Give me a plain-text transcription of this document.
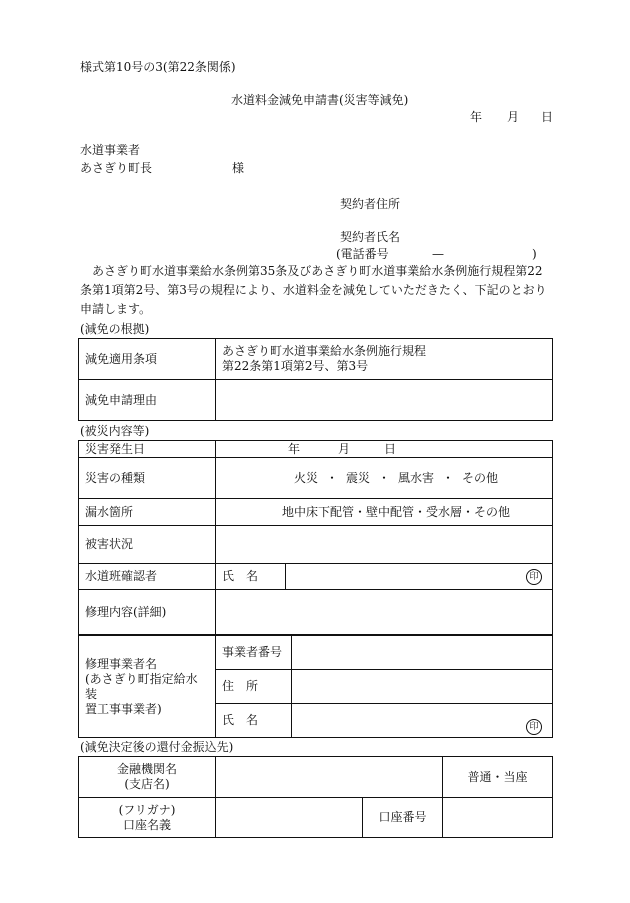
様式第10号の3(第22条関係)
水道料金減免申請書(災害等減免)
年 月 日
水道事業者
あさぎり町長	様
契約者住所
契約者氏名
(電話番号	—	)
あさぎり町水道事業給水条例第35条及びあさぎり町水道事業給水条例施行規程第22条第1項第2号、第3号の規程により、水道料金を減免していただきたく、下記のとおり申請します。
(減免の根拠)
減免適用条項	あさぎり町水道事業給水条例施行規程
第22条第1項第2号、第3号

減免申請理由	
(被災内容等)
災害発生日	年 月 日	
災害の種類	火災 ・ 震災 ・ 風水害 ・ その他	
漏水箇所	地中床下配管・壁中配管・受水層・その他	
被害状況		
水道班確認者	氏　名	印
修理内容(詳細)		
修理事業者名
(あさぎり町指定給水装
置工事事業者)	事業者番号	
	住　所	
	氏　名	印
(減免決定後の還付金振込先)
金融機関名
(支店名)			普通・当座

(フリガナ)
口座名義		口座番号	
